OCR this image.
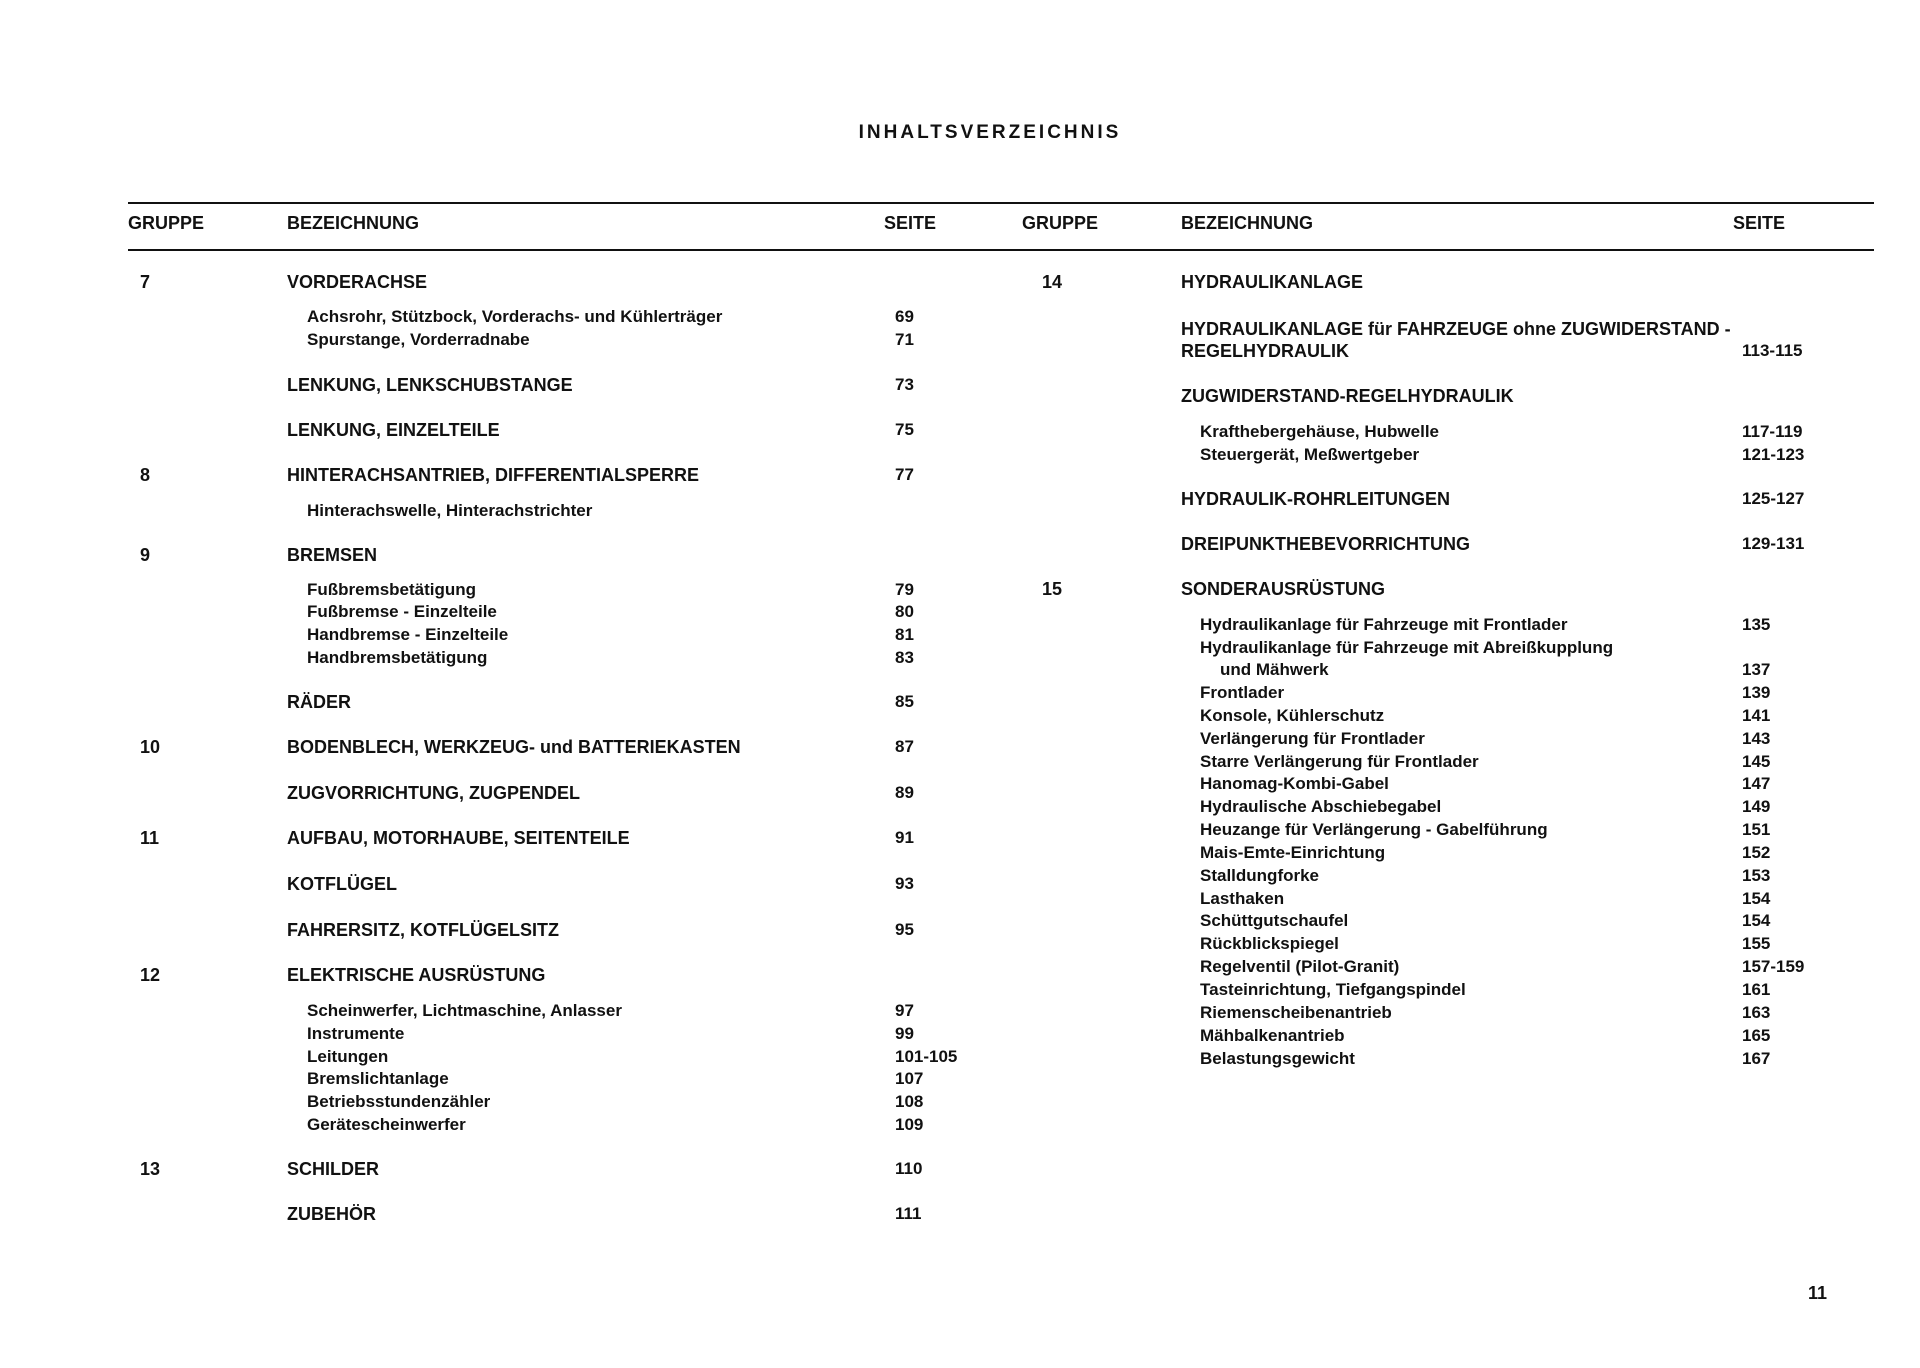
INHALTSVERZEICHNIS
GRUPPE	BEZEICHNUNG	SEITE	GRUPPE	BEZEICHNUNG	SEITE
7	VORDERACHSE
Achsrohr, Stützbock, Vorderachs- und Kühlerträger	69
Spurstange, Vorderradnabe	71
LENKUNG, LENKSCHUBSTANGE	73
LENKUNG, EINZELTEILE	75
8	HINTERACHSANTRIEB, DIFFERENTIALSPERRE	77
Hinterachswelle, Hinterachstrichter
9	BREMSEN
Fußbremsbetätigung	79
Fußbremse - Einzelteile	80
Handbremse - Einzelteile	81
Handbremsbetätigung	83
RÄDER	85
10	BODENBLECH, WERKZEUG- und BATTERIEKASTEN	87
ZUGVORRICHTUNG, ZUGPENDEL	89
11	AUFBAU, MOTORHAUBE, SEITENTEILE	91
KOTFLÜGEL	93
FAHRERSITZ, KOTFLÜGELSITZ	95
12	ELEKTRISCHE AUSRÜSTUNG
Scheinwerfer, Lichtmaschine, Anlasser	97
Instrumente	99
Leitungen	101-105
Bremslichtanlage	107
Betriebsstundenzähler	108
Gerätescheinwerfer	109
13	SCHILDER	110
ZUBEHÖR	111
14	HYDRAULIKANLAGE
HYDRAULIKANLAGE für FAHRZEUGE ohne ZUGWIDERSTAND -
REGELHYDRAULIK	113-115
ZUGWIDERSTAND-REGELHYDRAULIK
Krafthebergehäuse, Hubwelle	117-119
Steuergerät, Meßwertgeber	121-123
HYDRAULIK-ROHRLEITUNGEN	125-127
DREIPUNKTHEBEVORRICHTUNG	129-131
15	SONDERAUSRÜSTUNG
Hydraulikanlage für Fahrzeuge mit Frontlader	135
Hydraulikanlage für Fahrzeuge mit Abreißkupplung
und Mähwerk	137
Frontlader	139
Konsole, Kühlerschutz	141
Verlängerung für Frontlader	143
Starre Verlängerung für Frontlader	145
Hanomag-Kombi-Gabel	147
Hydraulische Abschiebegabel	149
Heuzange für Verlängerung - Gabelführung	151
Mais-Emte-Einrichtung	152
Stalldungforke	153
Lasthaken	154
Schüttgutschaufel	154
Rückblickspiegel	155
Regelventil (Pilot-Granit)	157-159
Tasteinrichtung, Tiefgangspindel	161
Riemenscheibenantrieb	163
Mähbalkenantrieb	165
Belastungsgewicht	167
11
